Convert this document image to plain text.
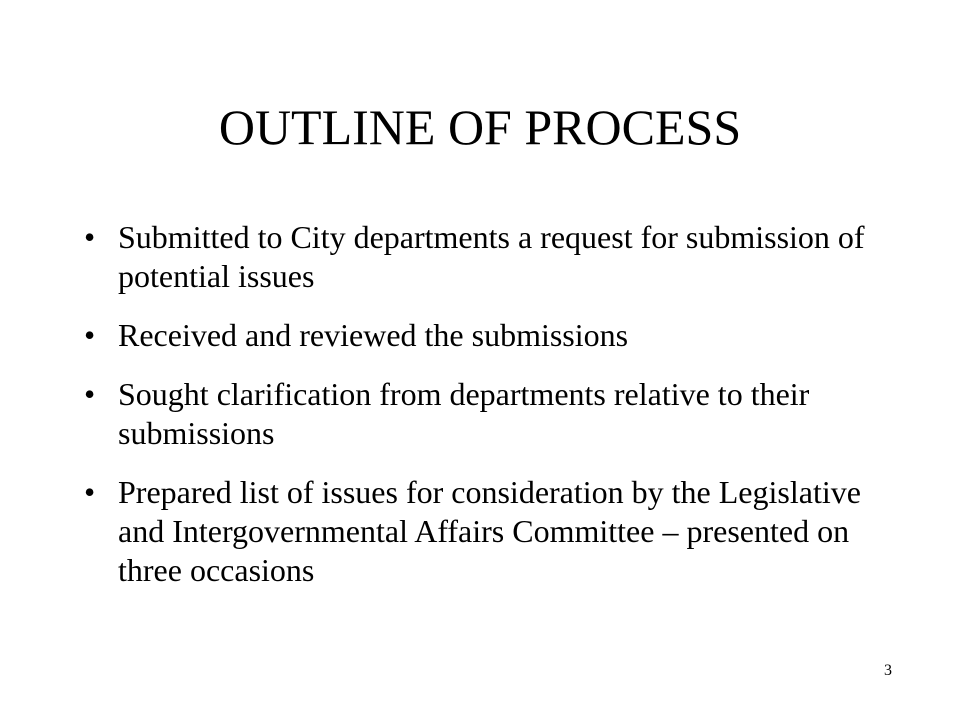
OUTLINE OF PROCESS
• Submitted to City departments a request for submission of potential issues
• Received and reviewed the submissions
• Sought clarification from departments relative to their submissions
• Prepared list of issues for consideration by the Legislative and Intergovernmental Affairs Committee – presented on three occasions
3
